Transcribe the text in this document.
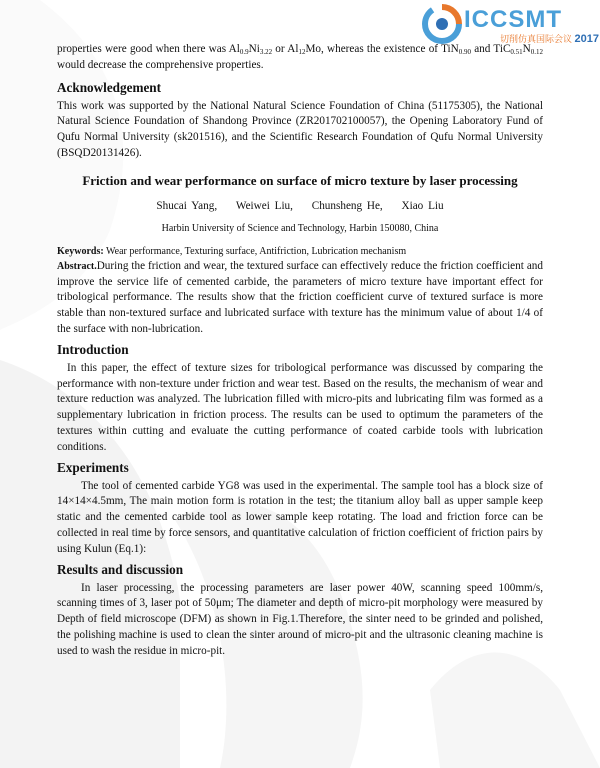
ICCSMT
切削仿真国际会议 2017

properties were good when there was $Al_{0.9}Ni_{3.22}$ or $Al_{12}Mo$, whereas the existence of TiN$_{0.90}$ and $TiC_{0.51}N_{0.12}$ would decrease the comprehensive properties.

Acknowledgement

This work was supported by the National Natural Science Foundation of China (51175305), the National Natural Science Foundation of Shandong Province (ZR201702100057), the Opening Laboratory Fund of Qufu Normal University (sk201516), and the Scientific Research Foundation of Qufu Normal University (BSQD20131426).

Friction and wear performance on surface of micro texture by laser processing
Shucai Yang, Weiwei Liu, Chunsheng He, Xiao Liu
Harbin University of Science and Technology, Harbin 150080, China

Keywords: Wear performance, Texturing surface, Antifriction, Lubrication mechanism

Abstract.During the friction and wear, the textured surface can effectively reduce the friction coefficient and improve the service life of cemented carbide, the parameters of micro texture have important effect for tribological performance. The results show that the friction coefficient curve of textured surface is more stable than non-textured surface and lubricated surface with texture has the minimum value of about 1/4 of the surface with non-lubrication.

Introduction

In this paper, the effect of texture sizes for tribological performance was discussed by comparing the performance with non-texture under friction and wear test. Based on the results, the mechanism of wear and texture reduction was analyzed. The lubrication filled with micro-pits and lubricating film was formed as a supplementary lubrication in friction process. The results can be used to optimum the parameters of the textures within cutting and evaluate the cutting performance of coated carbide tools with lubrication conditions.

Experiments

The tool of cemented carbide YG8 was used in the experimental. The sample tool has a block size of 14×14×4.5mm, The main motion form is rotation in the test; the titanium alloy ball as upper sample keep static and the cemented carbide tool as lower sample keep rotating. The load and friction force can be collected in real time by force sensors, and quantitative calculation of friction coefficient of friction pairs by using Kulun (Eq.1):

Results and discussion

In laser processing, the processing parameters are laser power 40W, scanning speed 100mm/s, scanning times of 3, laser pot of 50μm; The diameter and depth of micro-pit morphology were measured by Depth of field microscope (DFM) as shown in Fig.1.Therefore, the sinter need to be grinded and polished, the polishing machine is used to clean the sinter around of micro-pit and the ultrasonic cleaning machine is used to wash the residue in micro-pit.
